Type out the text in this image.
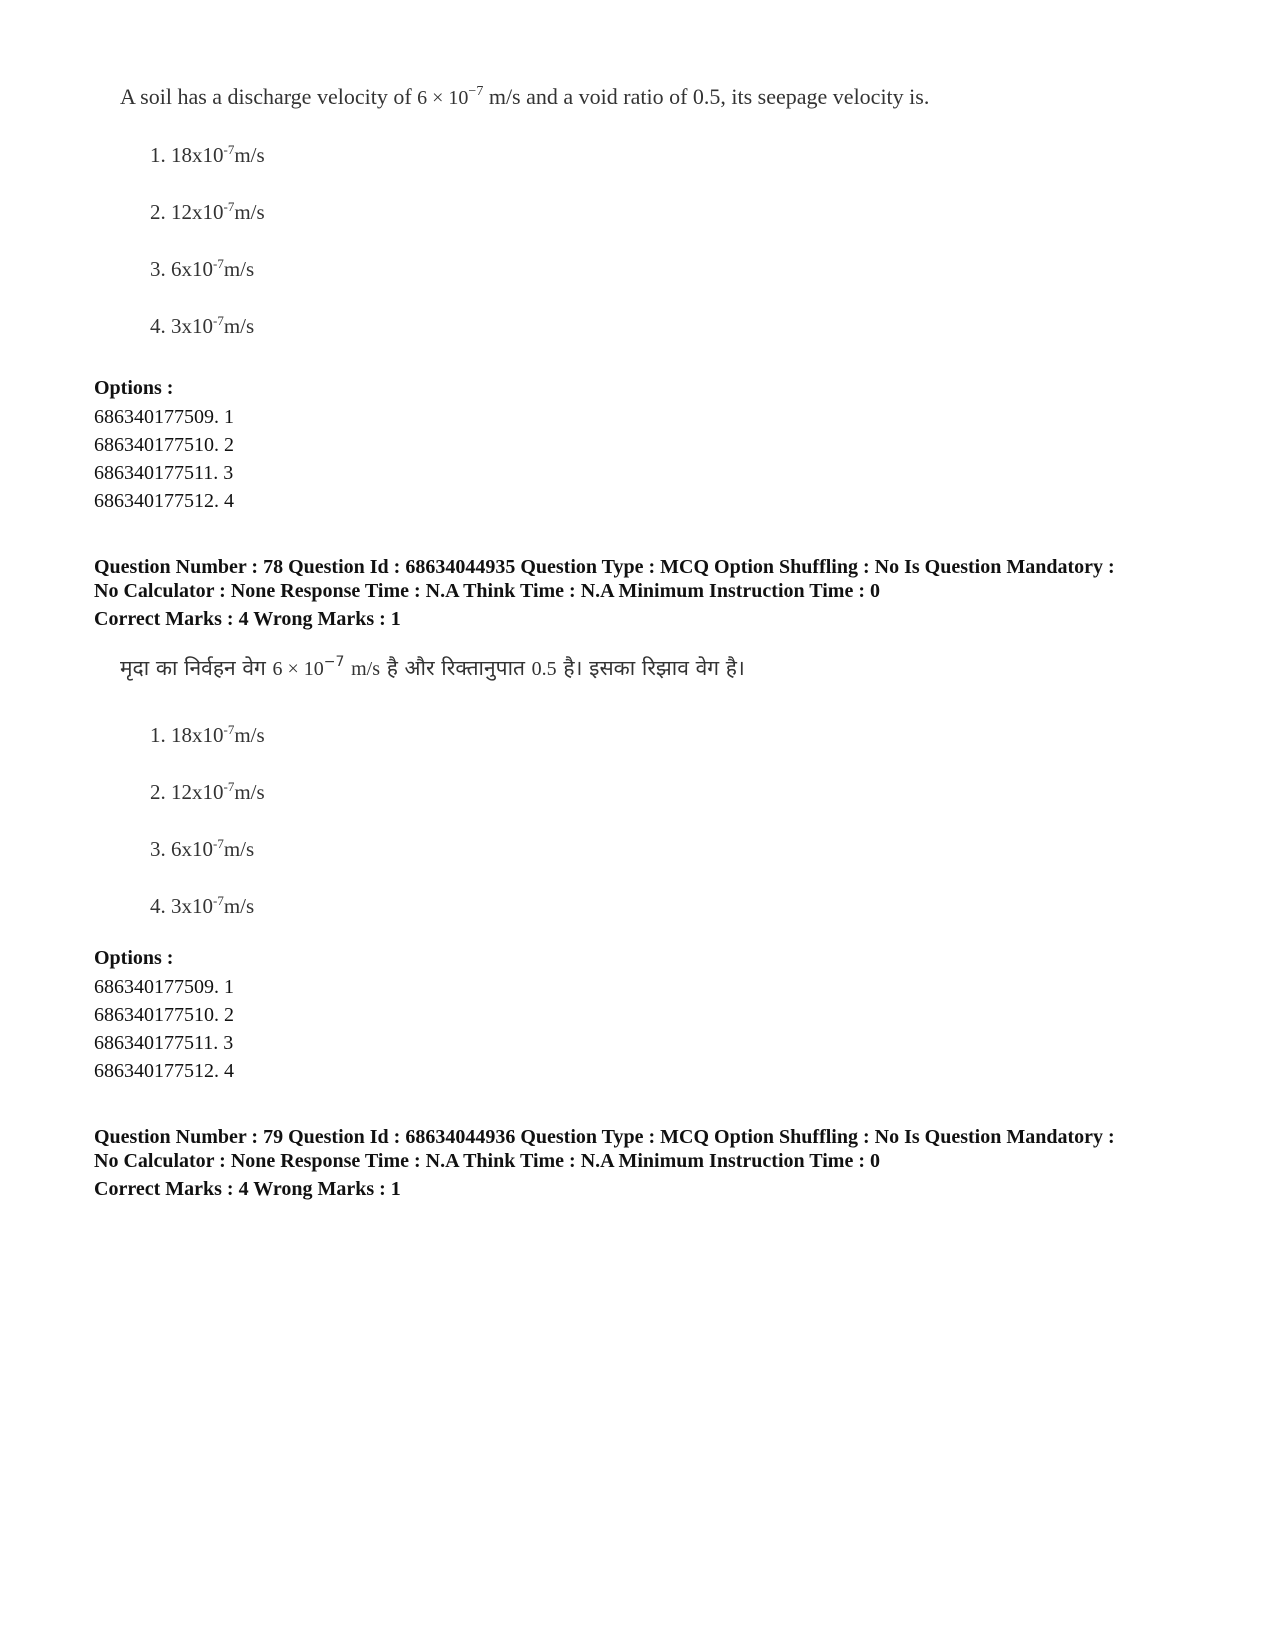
A soil has a discharge velocity of $6 \times 10^{-7}$ m/s and a void ratio of 0.5, its seepage velocity is.
1. $18x10^{-7}m/s$
2. $12x10^{-7}m/s$
3. $6x10^{-7}m/s$
4. $3x10^{-7}m/s$
Options :
686340177509. 1
686340177510. 2
686340177511. 3
686340177512. 4
Question Number : 78 Question Id : 68634044935 Question Type : MCQ Option Shuffling : No Is Question Mandatory :
No Calculator : None Response Time : N.A Think Time : N.A Minimum Instruction Time : 0
Correct Marks : 4 Wrong Marks : 1
मृदा का निर्वहन वेग $6 \times 10^{-7}$ m/s है और रिक्तानुपात 0.5 है। इसका रिझाव वेग है।
1. $18x10^{-7}m/s$
2. $12x10^{-7}m/s$
3. $6x10^{-7}m/s$
4. $3x10^{-7}m/s$
Options :
686340177509. 1
686340177510. 2
686340177511. 3
686340177512. 4
Question Number : 79 Question Id : 68634044936 Question Type : MCQ Option Shuffling : No Is Question Mandatory :
No Calculator : None Response Time : N.A Think Time : N.A Minimum Instruction Time : 0
Correct Marks : 4 Wrong Marks : 1
